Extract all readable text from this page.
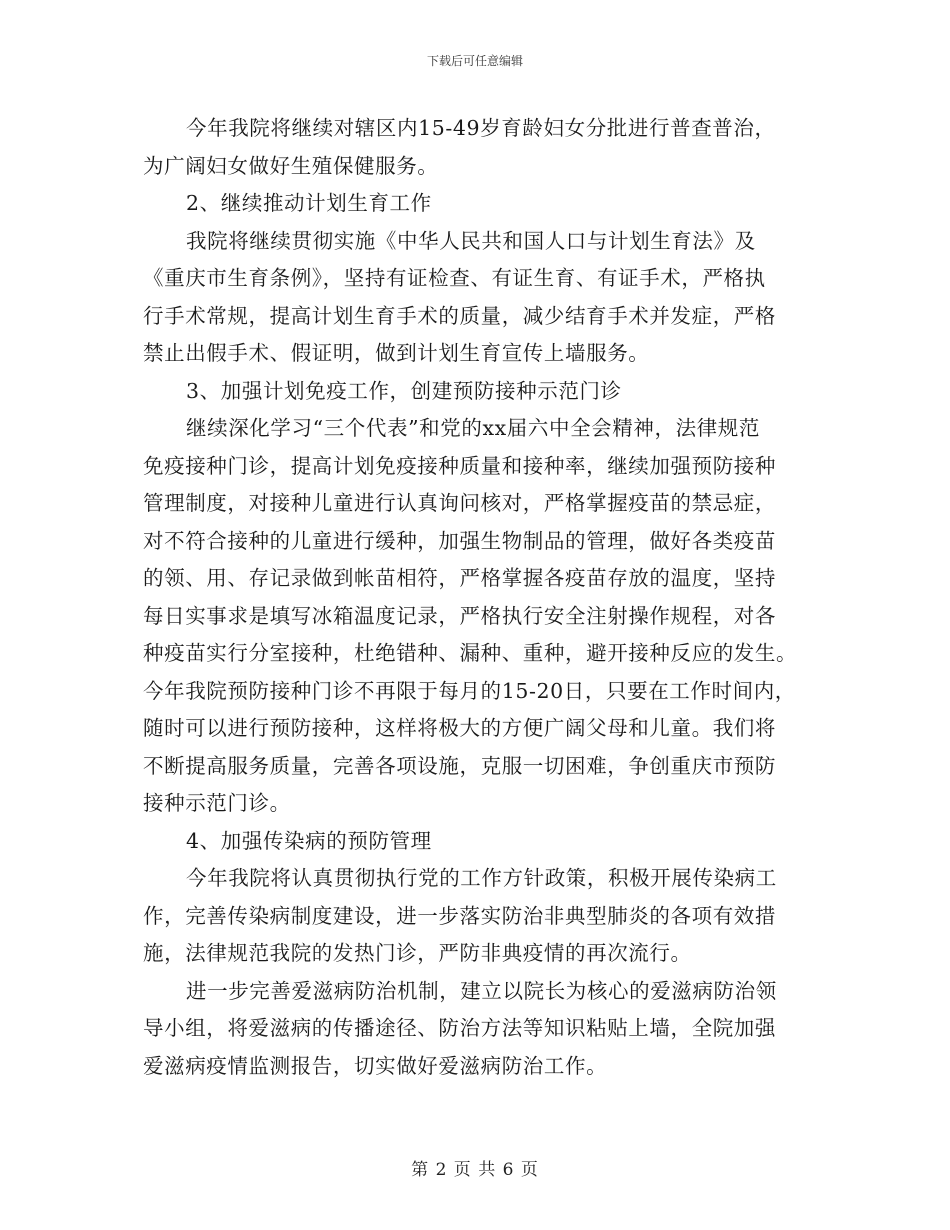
下载后可任意编辑
今年我院将继续对辖区内15-49岁育龄妇女分批进行普查普治，
为广阔妇女做好生殖保健服务。
2、继续推动计划生育工作
我院将继续贯彻实施《中华人民共和国人口与计划生育法》及
《重庆市生育条例》，坚持有证检查、有证生育、有证手术，严格执
行手术常规，提高计划生育手术的质量，减少结育手术并发症，严格
禁止出假手术、假证明，做到计划生育宣传上墙服务。
3、加强计划免疫工作，创建预防接种示范门诊
继续深化学习“三个代表”和党的xx届六中全会精神，法律规范
免疫接种门诊，提高计划免疫接种质量和接种率，继续加强预防接种
管理制度，对接种儿童进行认真询问核对，严格掌握疫苗的禁忌症，
对不符合接种的儿童进行缓种，加强生物制品的管理，做好各类疫苗
的领、用、存记录做到帐苗相符，严格掌握各疫苗存放的温度，坚持
每日实事求是填写冰箱温度记录，严格执行安全注射操作规程，对各
种疫苗实行分室接种，杜绝错种、漏种、重种，避开接种反应的发生。
今年我院预防接种门诊不再限于每月的15-20日，只要在工作时间内，
随时可以进行预防接种，这样将极大的方便广阔父母和儿童。我们将
不断提高服务质量，完善各项设施，克服一切困难，争创重庆市预防
接种示范门诊。
4、加强传染病的预防管理
今年我院将认真贯彻执行党的工作方针政策，积极开展传染病工
作，完善传染病制度建设，进一步落实防治非典型肺炎的各项有效措
施，法律规范我院的发热门诊，严防非典疫情的再次流行。
进一步完善爱滋病防治机制，建立以院长为核心的爱滋病防治领
导小组，将爱滋病的传播途径、防治方法等知识粘贴上墙，全院加强
爱滋病疫情监测报告，切实做好爱滋病防治工作。
第 2 页 共 6 页
